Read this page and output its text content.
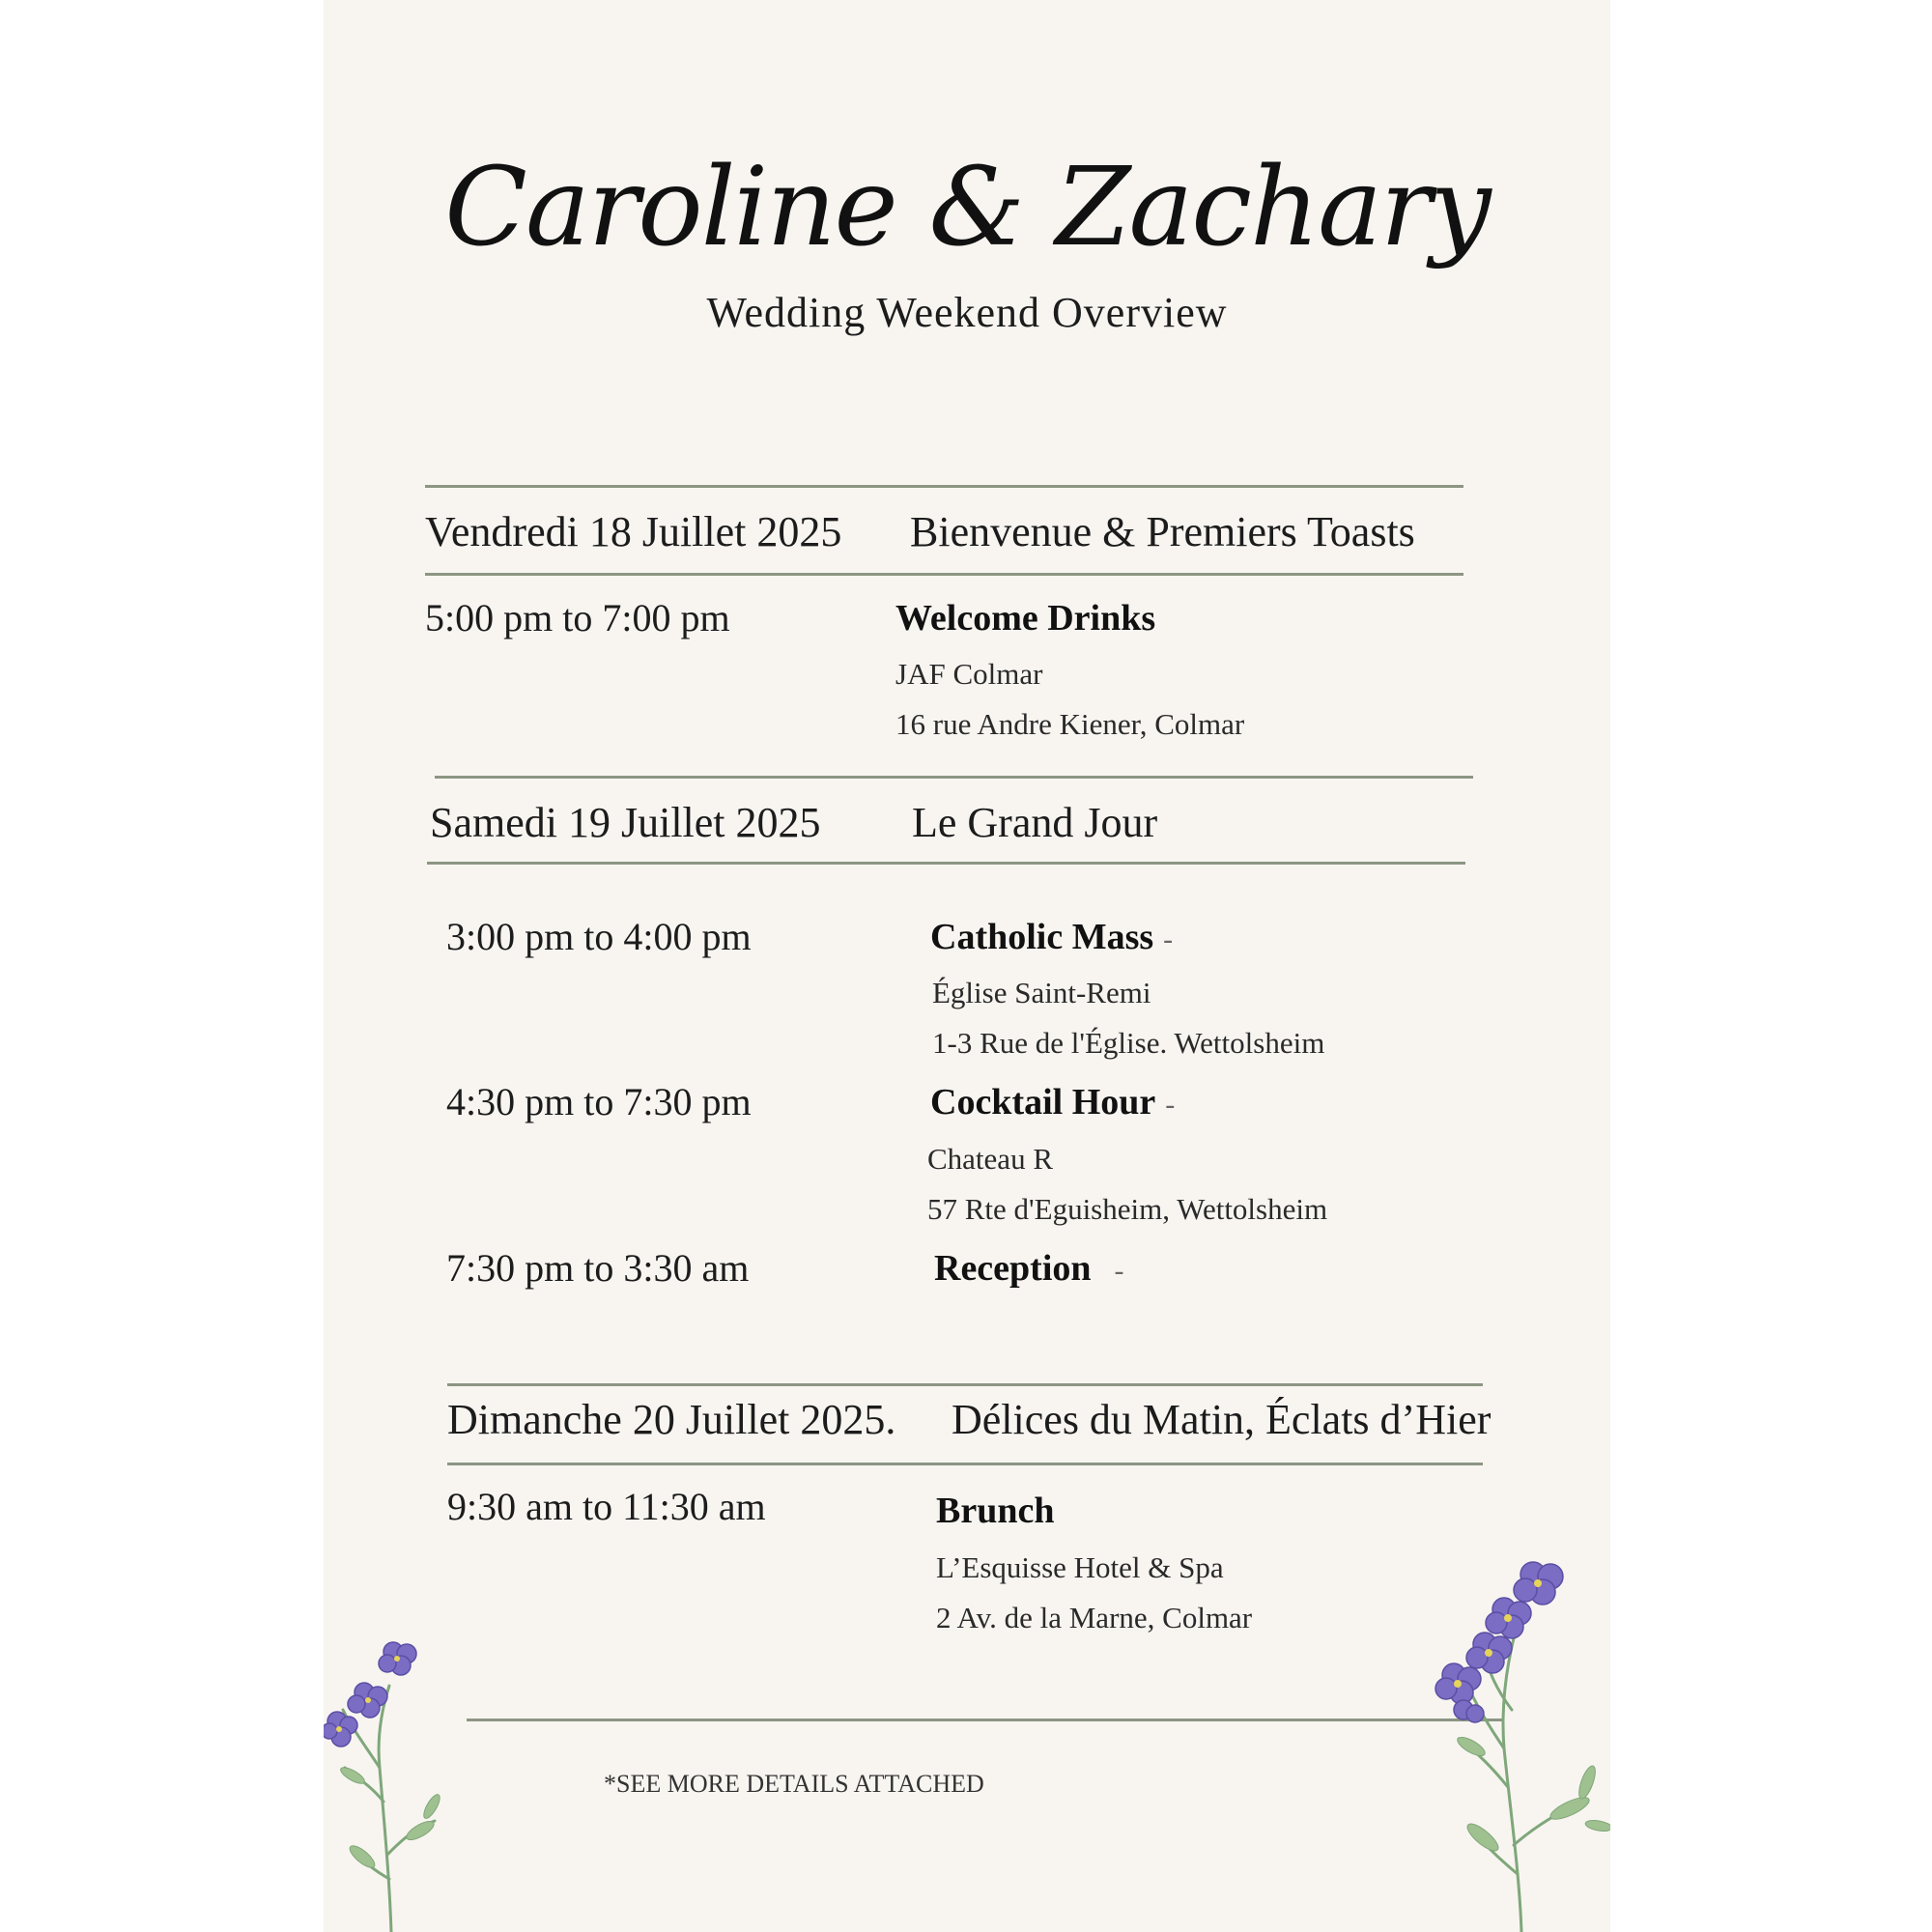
Caroline & Zachary
Wedding Weekend Overview
Vendredi 18 Juillet 2025 Bienvenue & Premiers Toasts
5:00 pm to 7:00 pm	Welcome Drinks
JAF Colmar
16 rue Andre Kiener, Colmar
Samedi 19 Juillet 2025 Le Grand Jour
3:00 pm to 4:00 pm	Catholic Mass -
Église Saint-Remi
1-3 Rue de l'Église. Wettolsheim
4:30 pm to 7:30 pm	Cocktail Hour -
Chateau R
57 Rte d'Eguisheim, Wettolsheim
7:30 pm to 3:30 am	Reception -
Dimanche 20 Juillet 2025. Délices du Matin, Éclats d’Hier
9:30 am to 11:30 am	Brunch
L’Esquisse Hotel & Spa
2 Av. de la Marne, Colmar
*SEE MORE DETAILS ATTACHED
